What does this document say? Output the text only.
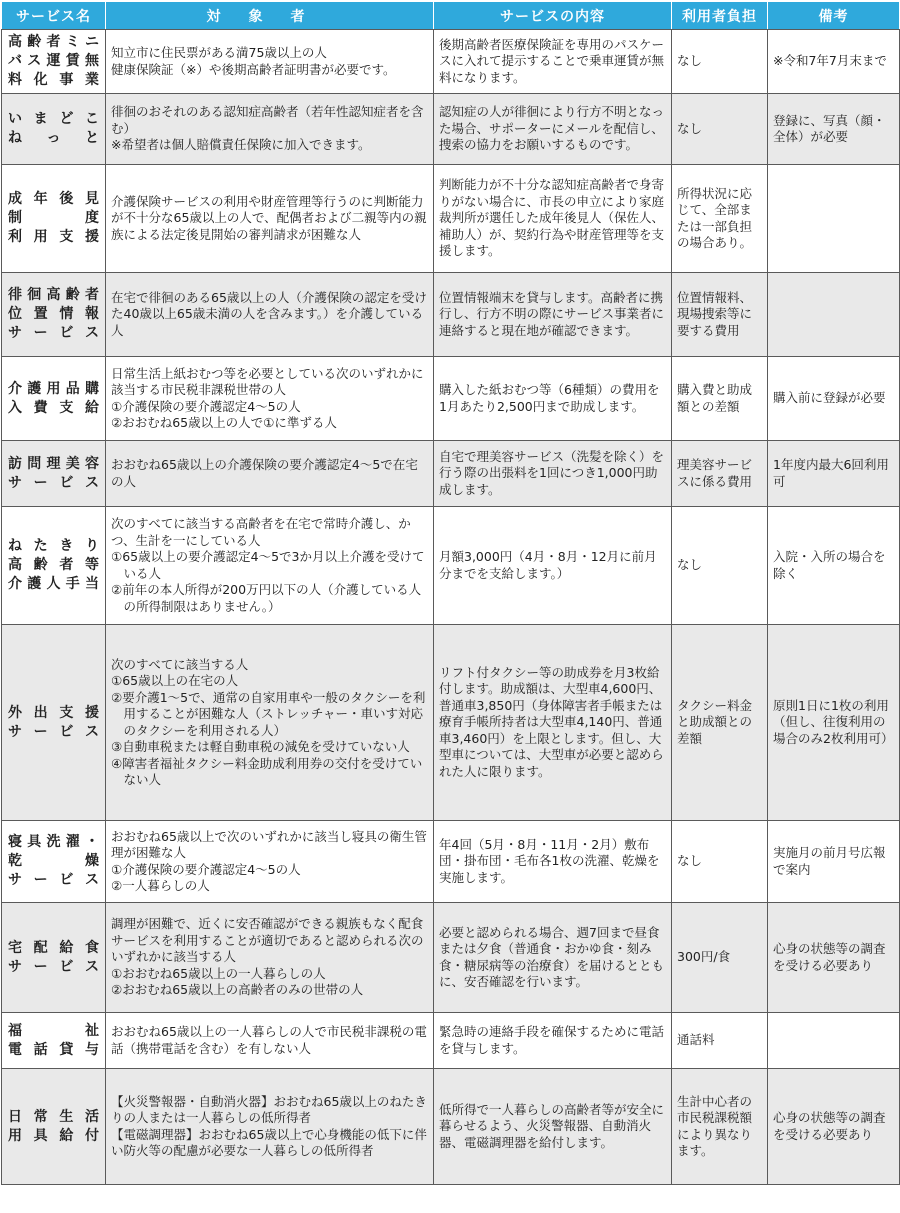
サービス名	対象者	サービスの内容	利用者負担	備考

高齢者ミニ
バス運賃無
料化事業	知立市に住民票がある満75歳以上の人
健康保険証（※）や後期高齢者証明書が必要です。	後期高齢者医療保険証を専用のパスケースに入れて提示することで乗車運賃が無料になります。	なし	※令和7年7月末まで

いまどこ
ねっと	徘徊のおそれのある認知症高齢者（若年性認知症者を含む）
※希望者は個人賠償責任保険に加入できます。	認知症の人が徘徊により行方不明となった場合、サポーターにメールを配信し、捜索の協力をお願いするものです。	なし	登録に、写真（顔・全体）が必要

成年後見
制度
利用支援	介護保険サービスの利用や財産管理等行うのに判断能力が不十分な65歳以上の人で、配偶者および二親等内の親族による法定後見開始の審判請求が困難な人	判断能力が不十分な認知症高齢者で身寄りがない場合に、市長の申立により家庭裁判所が選任した成年後見人（保佐人、補助人）が、契約行為や財産管理等を支援します。	所得状況に応じて、全部または一部負担の場合あり。	

徘徊高齢者
位置情報
サービス	在宅で徘徊のある65歳以上の人（介護保険の認定を受けた40歳以上65歳未満の人を含みます。）を介護している人	位置情報端末を貸与します。高齢者に携行し、行方不明の際にサービス事業者に連絡すると現在地が確認できます。	位置情報料、現場捜索等に要する費用	

介護用品購
入費支給	日常生活上紙おむつ等を必要としている次のいずれかに該当する市民税非課税世帯の人
①介護保険の要介護認定4～5の人
②おおむね65歳以上の人で①に準ずる人	購入した紙おむつ等（6種類）の費用を1月あたり2,500円まで助成します。	購入費と助成額との差額	購入前に登録が必要

訪問理美容
サービス	おおむね65歳以上の介護保険の要介護認定4～5で在宅の人	自宅で理美容サービス（洗髪を除く）を行う際の出張料を1回につき1,000円助成します。	理美容サービスに係る費用	1年度内最大6回利用可

ねたきり
高齢者等
介護人手当	次のすべてに該当する高齢者を在宅で常時介護し、かつ、生計を一にしている人
①65歳以上の要介護認定4～5で3か月以上介護を受けている人
②前年の本人所得が200万円以下の人（介護している人の所得制限はありません。）	月額3,000円（4月・8月・12月に前月分までを支給します。）	なし	入院・入所の場合を除く

外出支援
サービス	次のすべてに該当する人
①65歳以上の在宅の人
②要介護1～5で、通常の自家用車や一般のタクシーを利用することが困難な人（ストレッチャー・車いす対応のタクシーを利用される人）
③自動車税または軽自動車税の減免を受けていない人
④障害者福祉タクシー料金助成利用券の交付を受けていない人	リフト付タクシー等の助成券を月3枚給付します。助成額は、大型車4,600円、普通車3,850円（身体障害者手帳または療育手帳所持者は大型車4,140円、普通車3,460円）を上限とします。但し、大型車については、大型車が必要と認められた人に限ります。	タクシー料金と助成額との差額	原則1日に1枚の利用（但し、往復利用の場合のみ2枚利用可）

寝具洗濯・
乾燥
サービス	おおむね65歳以上で次のいずれかに該当し寝具の衛生管理が困難な人
①介護保険の要介護認定4～5の人
②一人暮らしの人	年4回（5月・8月・11月・2月）敷布団・掛布団・毛布各1枚の洗濯、乾燥を実施します。	なし	実施月の前月号広報で案内

宅配給食
サービス	調理が困難で、近くに安否確認ができる親族もなく配食サービスを利用することが適切であると認められる次のいずれかに該当する人
①おおむね65歳以上の一人暮らしの人
②おおむね65歳以上の高齢者のみの世帯の人	必要と認められる場合、週7回まで昼食または夕食（普通食・おかゆ食・刻み食・糖尿病等の治療食）を届けるとともに、安否確認を行います。	300円/食	心身の状態等の調査を受ける必要あり

福祉
電話貸与	おおむね65歳以上の一人暮らしの人で市民税非課税の電話（携帯電話を含む）を有しない人	緊急時の連絡手段を確保するために電話を貸与します。	通話料	

日常生活
用具給付	【火災警報器・自動消火器】おおむね65歳以上のねたきりの人または一人暮らしの低所得者
【電磁調理器】おおむね65歳以上で心身機能の低下に伴い防火等の配慮が必要な一人暮らしの低所得者	低所得で一人暮らしの高齢者等が安全に暮らせるよう、火災警報器、自動消火器、電磁調理器を給付します。	生計中心者の市民税課税額により異なります。	心身の状態等の調査を受ける必要あり
